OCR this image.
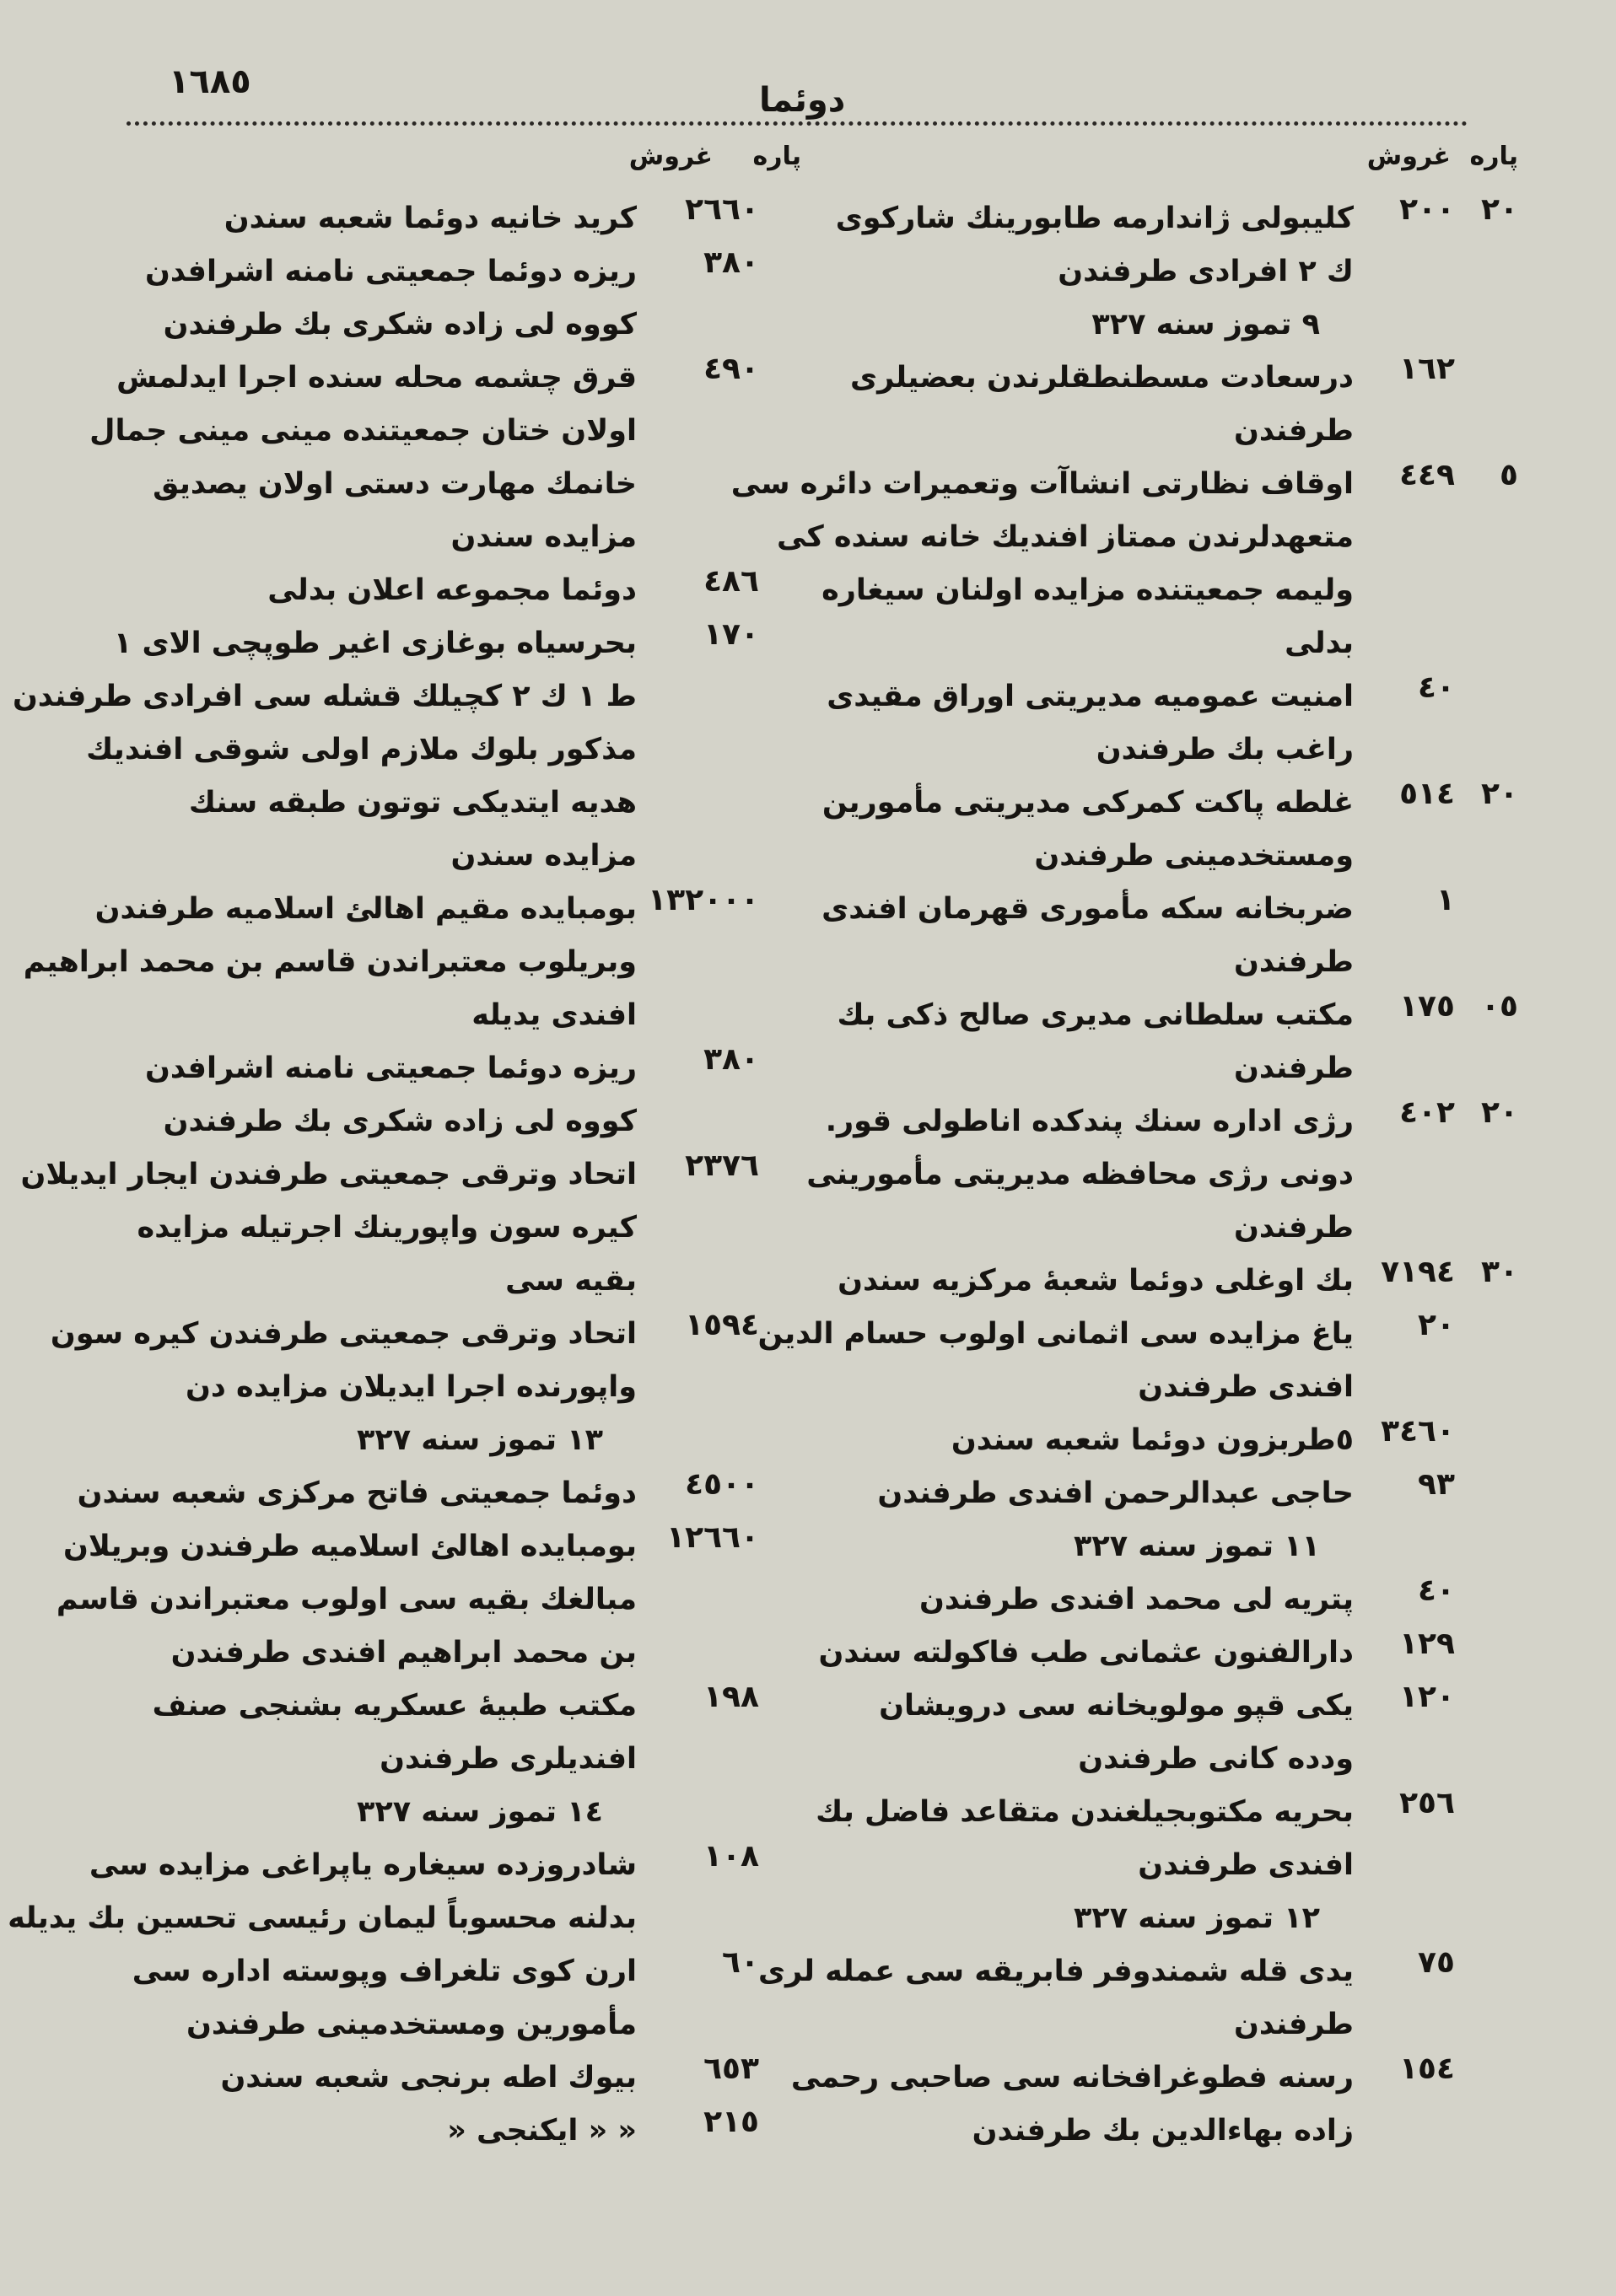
١٦٨٥	دوئما
پاره
غروش
٢٠
٢٠٠
كليبولى ژاندارمه طابورينك شاركوى
ك ٢ افرادى طرفندن
٩ تموز سنه ٣٢٧
١٦٢
درسعادت مسطنطقلرندن بعضيلرى
طرفندن
٥
٤٤٩
اوقاف نظارتى انشاآت وتعميرات دائره سى
متعهدلرندن ممتاز افنديك خانه سنده كى
وليمه جمعيتنده مزايده اولنان سيغاره
بدلى
٤٠
امنيت عموميه مديريتى اوراق مقيدى
راغب بك طرفندن
٢٠
٥١٤
غلطه پاكت كمركى مديريتى مأمورين
ومستخدمينى طرفندن
١
ضربخانه سكه مأمورى قهرمان افندى
طرفندن
٠٥
١٧٥
مكتب سلطانى مديرى صالح ذكى بك
طرفندن
٢٠
٤٠٢
رژى اداره سنك پندكده اناطولى قور.
دونى رژى محافظه مديريتى مأمورينى
طرفندن
٣٠
٧١٩٤
بك اوغلى دوئما شعبهٔ مركزيه سندن
٢٠
ياغ مزايده سى اثمانى اولوب حسام الدين
افندى طرفندن
٣٤٦٠
٥طربزون دوئما شعبه سندن
٩٣
حاجى عبدالرحمن افندى طرفندن
١١ تموز سنه ٣٢٧
٤٠
پتريه لى محمد افندى طرفندن
١٢٩
دارالفنون عثمانى طب فاكولته سندن
١٢٠
يكى قپو مولويخانه سى درويشان
ودده كانى طرفندن
٢٥٦
بحريه مكتوبجيلغندن متقاعد فاضل بك
افندى طرفندن
١٢ تموز سنه ٣٢٧
٧٥
يدى قله شمندوفر فابريقه سى عمله لرى
طرفندن
١٥٤
رسنه فطوغرافخانه سى صاحبى رحمى
زاده بهاءالدين بك طرفندن
پاره
غروش
٢٦٦٠
كريد خانيه دوئما شعبه سندن
٣٨٠
ريزه دوئما جمعيتى نامنه اشرافدن
كووه لى زاده شكرى بك طرفندن
٤٩٠
قرق چشمه محله سنده اجرا ايدلمش
اولان ختان جمعيتنده مينى مينى جمال
خانمك مهارت دستى اولان يصديق
مزايده سندن
٤٨٦
دوئما مجموعه اعلان بدلى
١٧٠
بحرسياه بوغازى اغير طوپچى الاى ١
ط ١ ك ٢ كچيلك قشله سى افرادى طرفندن
مذكور بلوك ملازم اولى شوقى افنديك
هديه ايتديكى توتون طبقه سنك
مزايده سندن
١٣٢٠٠٠
بومبايده مقيم اهالئ اسلاميه طرفندن
وبريلوب معتبراندن قاسم بن محمد ابراهيم
افندى يديله
٣٨٠
ريزه دوئما جمعيتى نامنه اشرافدن
كووه لى زاده شكرى بك طرفندن
٢٣٧٦
اتحاد وترقى جمعيتى طرفندن ايجار ايديلان
كيره سون واپورينك اجرتيله مزايده
بقيه سى
١٥٩٤
اتحاد وترقى جمعيتى طرفندن كيره سون
واپورنده اجرا ايديلان مزايده دن
١٣ تموز سنه ٣٢٧
٤٥٠٠
دوئما جمعيتى فاتح مركزى شعبه سندن
١٢٦٦٠
بومبايده اهالئ اسلاميه طرفندن وبريلان
مبالغك بقيه سى اولوب معتبراندن قاسم
بن محمد ابراهيم افندى طرفندن
١٩٨
مكتب طبيهٔ عسكريه بشنجى صنف
افنديلرى طرفندن
١٤ تموز سنه ٣٢٧
١٠٨
شادروزده سيغاره ياپراغى مزايده سى
بدلنه محسوباً ليمان رئيسى تحسين بك يديله
٦٠
ارن كوى تلغراف وپوسته اداره سى
مأمورين ومستخدمينى طرفندن
٦٥٣
بيوك اطه برنجى شعبه سندن
٢١٥
« « ايكنجى «
